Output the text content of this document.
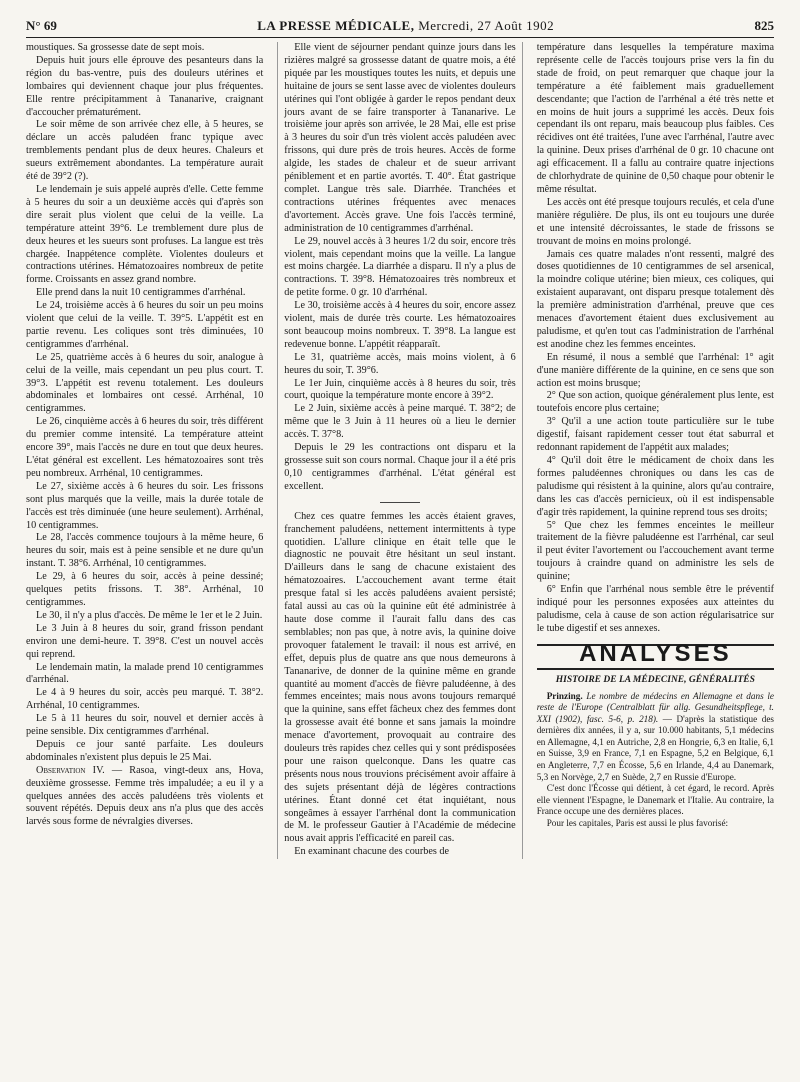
N° 69	LA PRESSE MÉDICALE, Mercredi, 27 Août 1902	825

moustiques. Sa grossesse date de sept mois.

Depuis huit jours elle éprouve des pesanteurs dans la région du bas-ventre, puis des douleurs utérines et lombaires qui deviennent chaque jour plus fréquentes. Elle rentre précipitamment à Tananarive, craignant d'accoucher prématurément.

Le soir même de son arrivée chez elle, à 5 heures, se déclare un accès paludéen franc typique avec tremblements pendant plus de deux heures. Chaleurs et sueurs extrêmement abondantes. La température aurait été de 39°2 (?).

Le lendemain je suis appelé auprès d'elle. Cette femme à 5 heures du soir a un deuxième accès qui d'après son dire serait plus violent que celui de la veille. La température atteint 39°6. Le tremblement dure plus de deux heures et les sueurs sont profuses. La langue est très chargée. Inappétence complète. Violentes douleurs et contractions utérines. Hématozoaires nombreux de petite forme. Croissants en assez grand nombre.

Elle prend dans la nuit 10 centigrammes d'arrhénal.

Le 24, troisième accès à 6 heures du soir un peu moins violent que celui de la veille. T. 39°5. L'appétit est en partie revenu. Les coliques sont très diminuées, 10 centigrammes d'arrhénal.

Le 25, quatrième accès à 6 heures du soir, analogue à celui de la veille, mais cependant un peu plus court. T. 39°3. L'appétit est revenu totalement. Les douleurs abdominales et lombaires ont cessé. Arrhénal, 10 centigrammes.

Le 26, cinquième accès à 6 heures du soir, très différent du premier comme intensité. La température atteint encore 39°, mais l'accès ne dure en tout que deux heures. L'état général est excellent. Les hématozoaires sont très peu nombreux. Arrhénal, 10 centigrammes.

Le 27, sixième accès à 6 heures du soir. Les frissons sont plus marqués que la veille, mais la durée totale de l'accès est très diminuée (une heure seulement). Arrhénal, 10 centigrammes.

Le 28, l'accès commence toujours à la même heure, 6 heures du soir, mais est à peine sensible et ne dure qu'un instant. T. 38°6. Arrhénal, 10 centigrammes.

Le 29, à 6 heures du soir, accès à peine dessiné; quelques petits frissons. T. 38°. Arrhénal, 10 centigrammes.

Le 30, il n'y a plus d'accès. De même le 1er et le 2 Juin.

Le 3 Juin à 8 heures du soir, grand frisson pendant environ une demi-heure. T. 39°8. C'est un nouvel accès qui reprend.

Le lendemain matin, la malade prend 10 centigrammes d'arrhénal.

Le 4 à 9 heures du soir, accès peu marqué. T. 38°2. Arrhénal, 10 centigrammes.

Le 5 à 11 heures du soir, nouvel et dernier accès à peine sensible. Dix centigrammes d'arrhénal.

Depuis ce jour santé parfaite. Les douleurs abdominales n'existent plus depuis le 25 Mai.

Observation IV. — Rasoa, vingt-deux ans, Hova, deuxième grossesse. Femme très impaludée; a eu il y a quelques années des accès paludéens très violents et souvent répétés. Depuis deux ans n'a plus que des accès larvés sous forme de névralgies diverses.

Elle vient de séjourner pendant quinze jours dans les rizières malgré sa grossesse datant de quatre mois, a été piquée par les moustiques toutes les nuits, et depuis une huitaine de jours se sent lasse avec de violentes douleurs utérines qui l'ont obligée à garder le repos pendant deux jours avant de se faire transporter à Tananarive. Le troisième jour après son arrivée, le 28 Mai, elle est prise à 3 heures du soir d'un très violent accès paludéen avec frissons, qui dure près de trois heures. Accès de forme algide, les stades de chaleur et de sueur arrivant péniblement et en partie avortés. T. 40°. État gastrique complet. Langue très sale. Diarrhée. Tranchées et contractions utérines fréquentes avec menaces d'avortement. Accès grave. Une fois l'accès terminé, administration de 10 centigrammes d'arrhénal.

Le 29, nouvel accès à 3 heures 1/2 du soir, encore très violent, mais cependant moins que la veille. La langue est moins chargée. La diarrhée a disparu. Il n'y a plus de contractions. T. 39°8. Hématozoaires très nombreux et de petite forme. 0 gr. 10 d'arrhénal.

Le 30, troisième accès à 4 heures du soir, encore assez violent, mais de durée très courte. Les hématozoaires sont beaucoup moins nombreux. T. 39°8. La langue est redevenue bonne. L'appétit réapparaît.

Le 31, quatrième accès, mais moins violent, à 6 heures du soir, T. 39°6.

Le 1er Juin, cinquième accès à 8 heures du soir, très court, quoique la température monte encore à 39°2.

Le 2 Juin, sixième accès à peine marqué. T. 38°2; de même que le 3 Juin à 11 heures où a lieu le dernier accès. T. 37°8.

Depuis le 29 les contractions ont disparu et la grossesse suit son cours normal. Chaque jour il a été pris 0,10 centigrammes d'arrhénal. L'état général est excellent.

Chez ces quatre femmes les accès étaient graves, franchement paludéens, nettement intermittents à type quotidien. L'allure clinique en était telle que le diagnostic ne pouvait être hésitant un seul instant. D'ailleurs dans le sang de chacune existaient des hématozoaires. L'accouchement avant terme était presque fatal si les accès paludéens avaient persisté; fatal aussi au cas où la quinine eût été administrée à haute dose comme il l'aurait fallu dans des cas semblables; non pas que, à notre avis, la quinine doive provoquer fatalement le travail: il nous est arrivé, en effet, depuis plus de quatre ans que nous demeurons à Tananarive, de donner de la quinine même en grande quantité au moment d'accès de fièvre paludéenne, à des femmes enceintes; mais nous avons toujours remarqué que la quinine, sans effet fâcheux chez des femmes dont la grossesse avait été bonne et sans jamais la moindre menace d'avortement, provoquait au contraire des douleurs très rapides chez celles qui y sont prédisposées pour une raison quelconque. Dans les quatre cas présents nous nous trouvions précisément avoir affaire à des sujets présentant déjà de légères contractions utérines. Étant donné cet état inquiétant, nous songeâmes à essayer l'arrhénal dont la communication de M. le professeur Gautier à l'Académie de médecine nous avait appris l'efficacité en pareil cas.

En examinant chacune des courbes de

température dans lesquelles la température maxima représente celle de l'accès toujours prise vers la fin du stade de froid, on peut remarquer que chaque jour la température a été faiblement mais graduellement descendante; que l'action de l'arrhénal a été très nette et en moins de huit jours a supprimé les accès. Deux fois cependant ils ont reparu, mais beaucoup plus faibles. Ces récidives ont été traitées, l'une avec l'arrhénal, l'autre avec la quinine. Deux prises d'arrhénal de 0 gr. 10 chacune ont agi efficacement. Il a fallu au contraire quatre injections de chlorhydrate de quinine de 0,50 chaque pour obtenir le même résultat.

Les accès ont été presque toujours reculés, et cela d'une manière régulière. De plus, ils ont eu toujours une durée et une intensité décroissantes, le stade de frissons se trouvant de moins en moins prolongé.

Jamais ces quatre malades n'ont ressenti, malgré des doses quotidiennes de 10 centigrammes de sel arsenical, la moindre colique utérine; bien mieux, ces coliques, qui existaient auparavant, ont disparu presque totalement dès la première administration d'arrhénal, preuve que ces menaces d'avortement étaient dues exclusivement au paludisme, et qu'en tout cas l'administration de l'arrhénal est anodine chez les femmes enceintes.

En résumé, il nous a semblé que l'arrhénal: 1° agit d'une manière différente de la quinine, en ce sens que son action est moins brusque;

2° Que son action, quoique généralement plus lente, est toutefois encore plus certaine;

3° Qu'il a une action toute particulière sur le tube digestif, faisant rapidement cesser tout état saburral et redonnant rapidement de l'appétit aux malades;

4° Qu'il doit être le médicament de choix dans les formes paludéennes chroniques ou dans les cas de paludisme qui résistent à la quinine, alors qu'au contraire, dans les cas d'accès pernicieux, où il est indispensable d'agir très rapidement, la quinine reprend tous ses droits;

5° Que chez les femmes enceintes le meilleur traitement de la fièvre paludéenne est l'arrhénal, car seul il peut éviter l'avortement ou l'accouchement avant terme toujours à craindre quand on administre les sels de quinine;

6° Enfin que l'arrhénal nous semble être le préventif indiqué pour les personnes exposées aux atteintes du paludisme, cela à cause de son action régularisatrice sur le tube digestif et ses annexes.

ANALYSES
HISTOIRE DE LA MÉDECINE, GÉNÉRALITÉS

Prinzing. Le nombre de médecins en Allemagne et dans le reste de l'Europe (Centralblatt für allg. Gesundheitspflege, t. XXI (1902), fasc. 5-6, p. 218). — D'après la statistique des dernières dix années, il y a, sur 10.000 habitants, 5,1 médecins en Allemagne, 4,1 en Autriche, 2,8 en Hongrie, 6,3 en Italie, 6,1 en Suisse, 3,9 en France, 7,1 en Espagne, 5,2 en Belgique, 6,1 en Angleterre, 7,7 en Écosse, 5,6 en Irlande, 4,4 au Danemark, 5,3 en Norvège, 2,7 en Suède, 2,7 en Russie d'Europe.

C'est donc l'Écosse qui détient, à cet égard, le record. Après elle viennent l'Espagne, le Danemark et l'Italie. Au contraire, la France occupe une des dernières places.

Pour les capitales, Paris est aussi le plus favorisé:
